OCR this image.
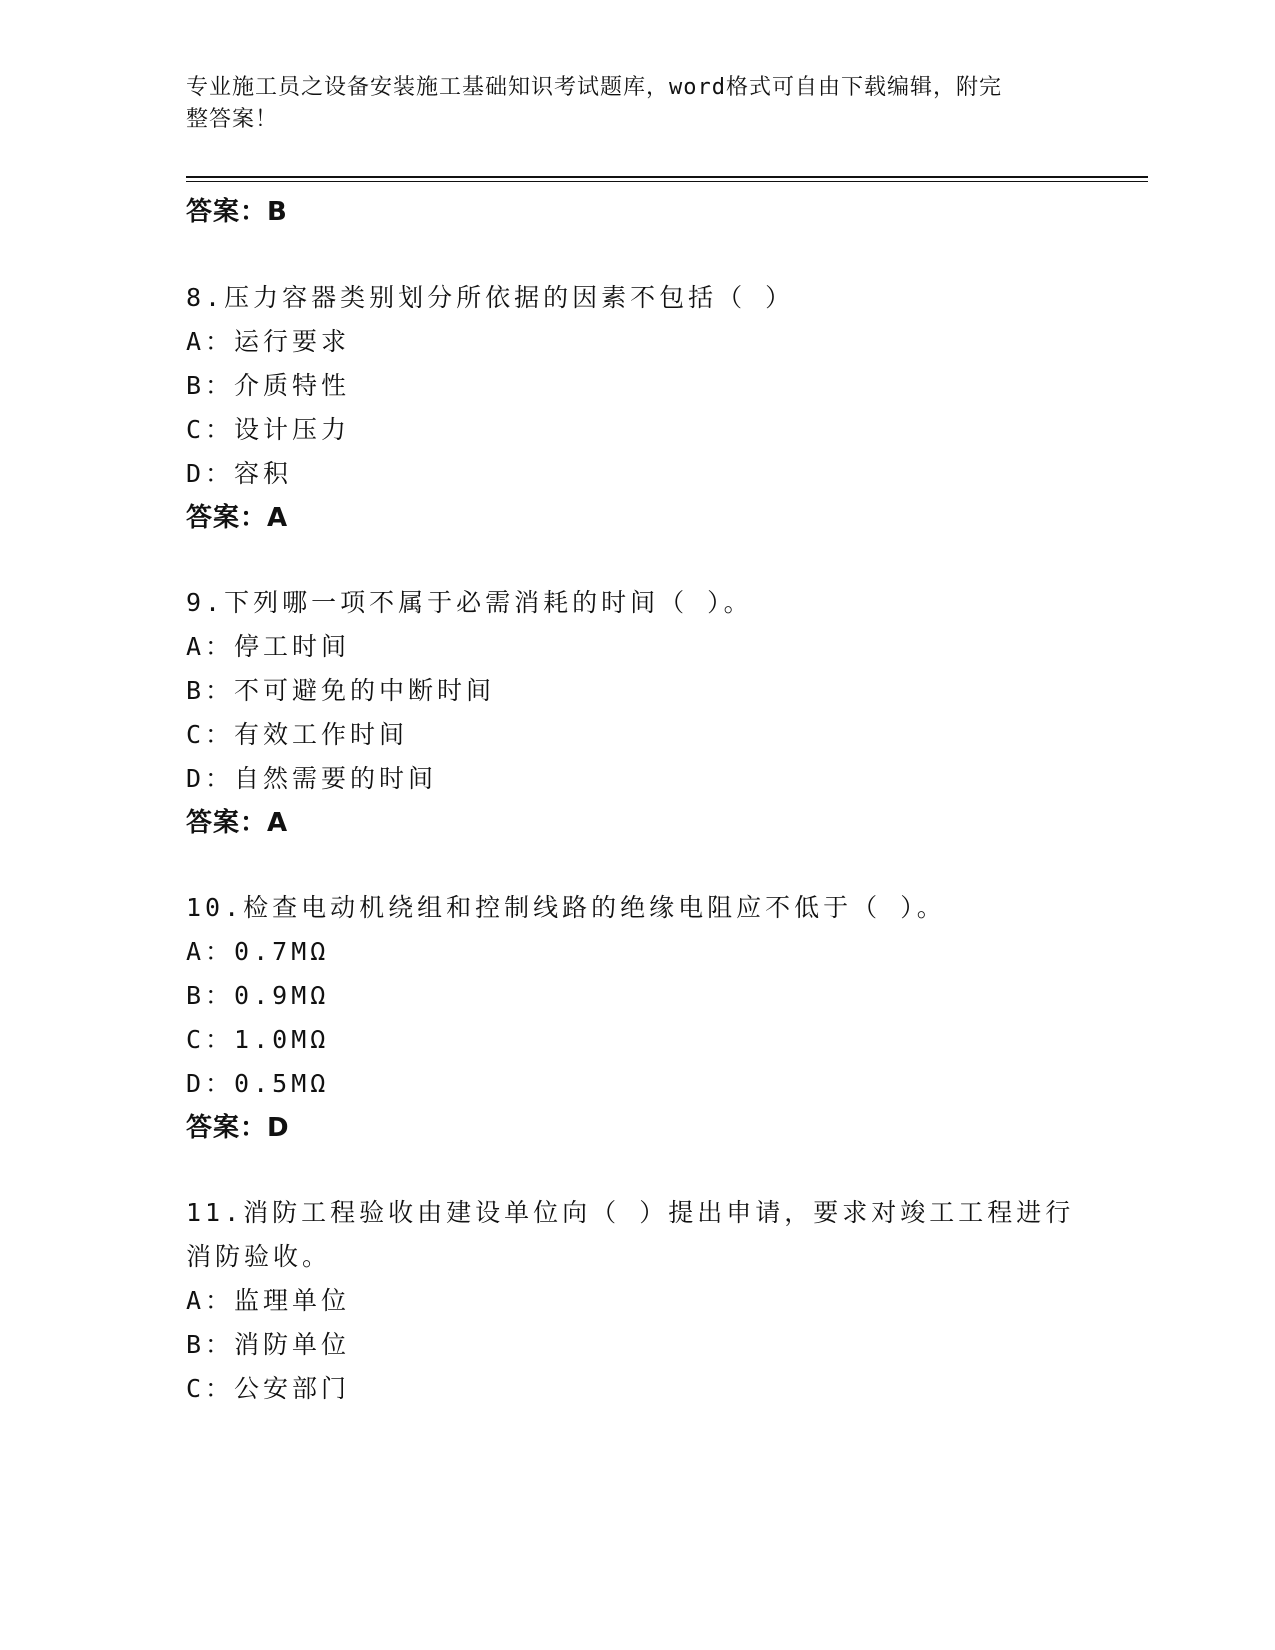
专业施工员之设备安装施工基础知识考试题库，word格式可自由下载编辑，附完
整答案！
答案：B
8.压力容器类别划分所依据的因素不包括（ ）
A：运行要求
B：介质特性
C：设计压力
D：容积
答案：A
9.下列哪一项不属于必需消耗的时间（ ）。
A：停工时间
B：不可避免的中断时间
C：有效工作时间
D：自然需要的时间
答案：A
10.检查电动机绕组和控制线路的绝缘电阻应不低于（ ）。
A：0.7MΩ
B：0.9MΩ
C：1.0MΩ
D：0.5MΩ
答案：D
11.消防工程验收由建设单位向（ ）提出申请，要求对竣工工程进行
消防验收。
A：监理单位
B：消防单位
C：公安部门
